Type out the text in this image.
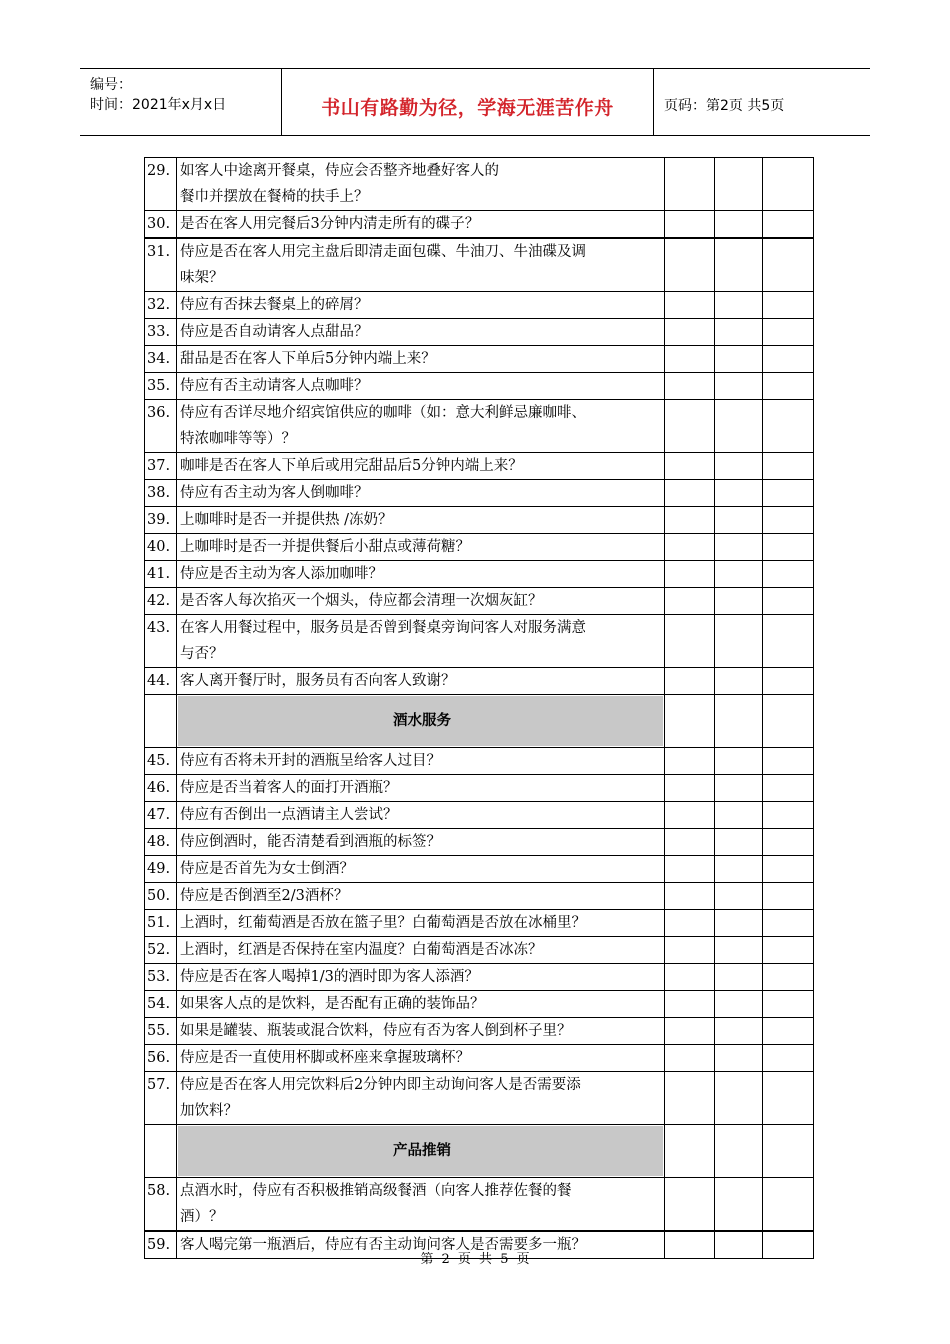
编号：
时间：2021年x月x日	书山有路勤为径，学海无涯苦作舟	页码：第2页 共5页
29.	如客人中途离开餐桌，侍应会否整齐地叠好客人的
餐巾并摆放在餐椅的扶手上？			

30.	是否在客人用完餐后3分钟内清走所有的碟子？			

31.	侍应是否在客人用完主盘后即清走面包碟、牛油刀、牛油碟及调
味架？			

32.	侍应有否抹去餐桌上的碎屑？			

33.	侍应是否自动请客人点甜品？			

34.	甜品是否在客人下单后5分钟内端上来？			

35.	侍应有否主动请客人点咖啡？			

36.	侍应有否详尽地介绍宾馆供应的咖啡（如：意大利鲜忌廉咖啡、
特浓咖啡等等）？			

37.	咖啡是否在客人下单后或用完甜品后5分钟内端上来？			

38.	侍应有否主动为客人倒咖啡？			

39.	上咖啡时是否一并提供热 /冻奶？			

40.	上咖啡时是否一并提供餐后小甜点或薄荷糖？			

41.	侍应是否主动为客人添加咖啡？			

42.	是否客人每次掐灭一个烟头，侍应都会清理一次烟灰缸？			

43.	在客人用餐过程中，服务员是否曾到餐桌旁询问客人对服务满意
与否？			

44.	客人离开餐厅时，服务员有否向客人致谢？			

	酒水服务			
45.	侍应有否将未开封的酒瓶呈给客人过目？			

46.	侍应是否当着客人的面打开酒瓶？			

47.	侍应有否倒出一点酒请主人尝试？			

48.	侍应倒酒时，能否清楚看到酒瓶的标签？			

49.	侍应是否首先为女士倒酒？			

50.	侍应是否倒酒至2/3酒杯？			

51.	上酒时，红葡萄酒是否放在篮子里？白葡萄酒是否放在冰桶里？			

52.	上酒时，红酒是否保持在室内温度？白葡萄酒是否冰冻？			

53.	侍应是否在客人喝掉1/3的酒时即为客人添酒？			

54.	如果客人点的是饮料，是否配有正确的装饰品？			

55.	如果是罐装、瓶装或混合饮料，侍应有否为客人倒到杯子里？			

56.	侍应是否一直使用杯脚或杯座来拿握玻璃杯？			

57.	侍应是否在客人用完饮料后2分钟内即主动询问客人是否需要添
加饮料？			

	产品推销			
58.	点酒水时，侍应有否积极推销高级餐酒（向客人推荐佐餐的餐
酒）？			

59.	客人喝完第一瓶酒后，侍应有否主动询问客人是否需要多一瓶？			

第 2 页 共 5 页
